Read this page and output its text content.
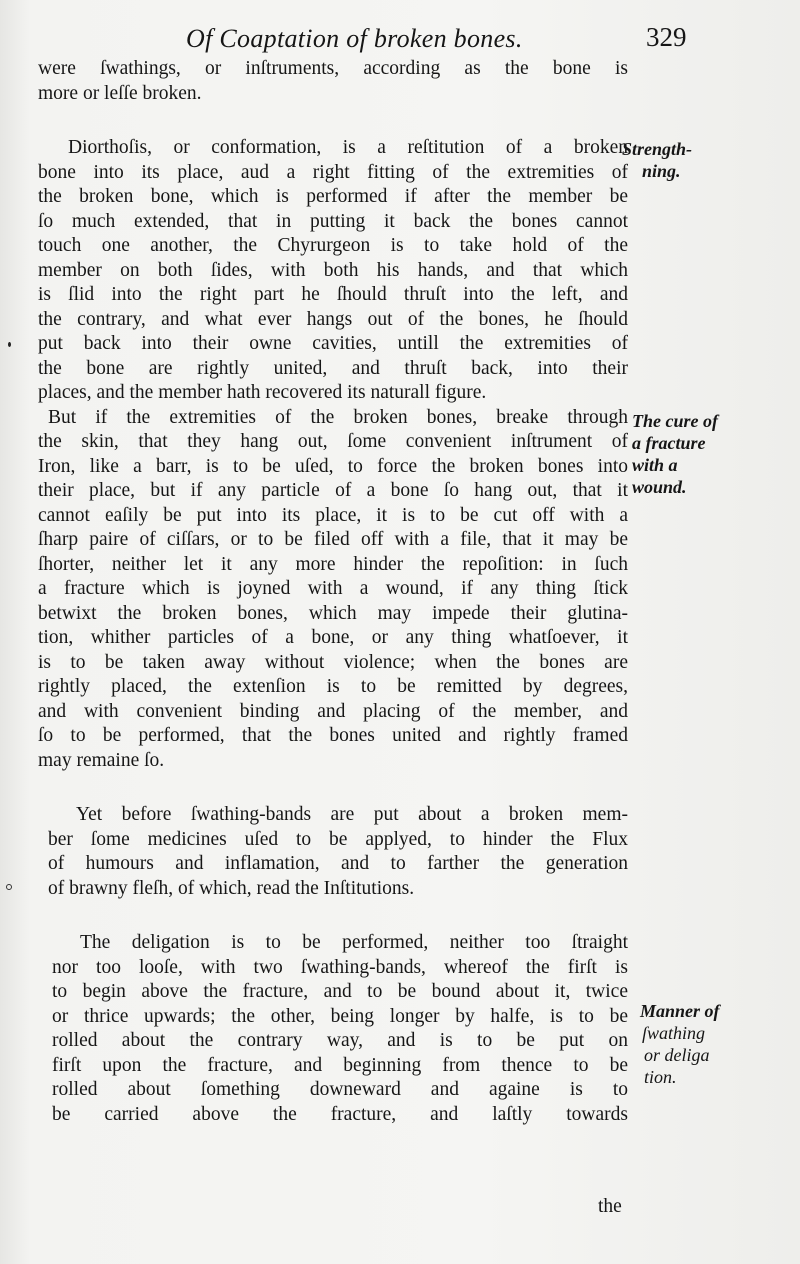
Of Coaptation of broken bones.	329
were ſwathings, or inſtruments, according as the bone is
more or leſſe broken.
Diorthoſis, or conformation, is a reſtitution of a broken
bone into its place, aud a right fitting of the extremities of
the broken bone, which is performed if after the member be
ſo much extended, that in putting it back the bones cannot
touch one another, the Chyrurgeon is to take hold of the
member on both ſides, with both his hands, and that which
is ſlid into the right part he ſhould thruſt into the left, and
the contrary, and what ever hangs out of the bones, he ſhould
put back into their owne cavities, untill the extremities of
the bone are rightly united, and thruſt back, into their
places, and the member hath recovered its naturall figure.
But if the extremities of the broken bones, breake through
the skin, that they hang out, ſome convenient inſtrument of
Iron, like a barr, is to be uſed, to force the broken bones into
their place, but if any particle of a bone ſo hang out, that it
cannot eaſily be put into its place, it is to be cut off with a
ſharp paire of ciſſars, or to be filed off with a file, that it may be
ſhorter, neither let it any more hinder the repoſition: in ſuch
a fracture which is joyned with a wound, if any thing ſtick
betwixt the broken bones, which may impede their glutina-
tion, whither particles of a bone, or any thing whatſoever, it
is to be taken away without violence; when the bones are
rightly placed, the extenſion is to be remitted by degrees,
and with convenient binding and placing of the member, and
ſo to be performed, that the bones united and rightly framed
may remaine ſo.
Yet before ſwathing-bands are put about a broken mem-
ber ſome medicines uſed to be applyed, to hinder the Flux
of humours and inflamation, and to farther the generation
of brawny fleſh, of which, read the Inſtitutions.
The deligation is to be performed, neither too ſtraight
nor too looſe, with two ſwathing-bands, whereof the firſt is
to begin above the fracture, and to be bound about it, twice
or thrice upwards; the other, being longer by halfe, is to be
rolled about the contrary way, and is to be put on
firſt upon the fracture, and beginning from thence to be
rolled about ſomething downeward and againe is to
be carried above the fracture, and laſtly towards
Strength-
ning.
The cure of
a fracture
with a
wound.
Manner of
ſwathing
or deliga
tion.
the
